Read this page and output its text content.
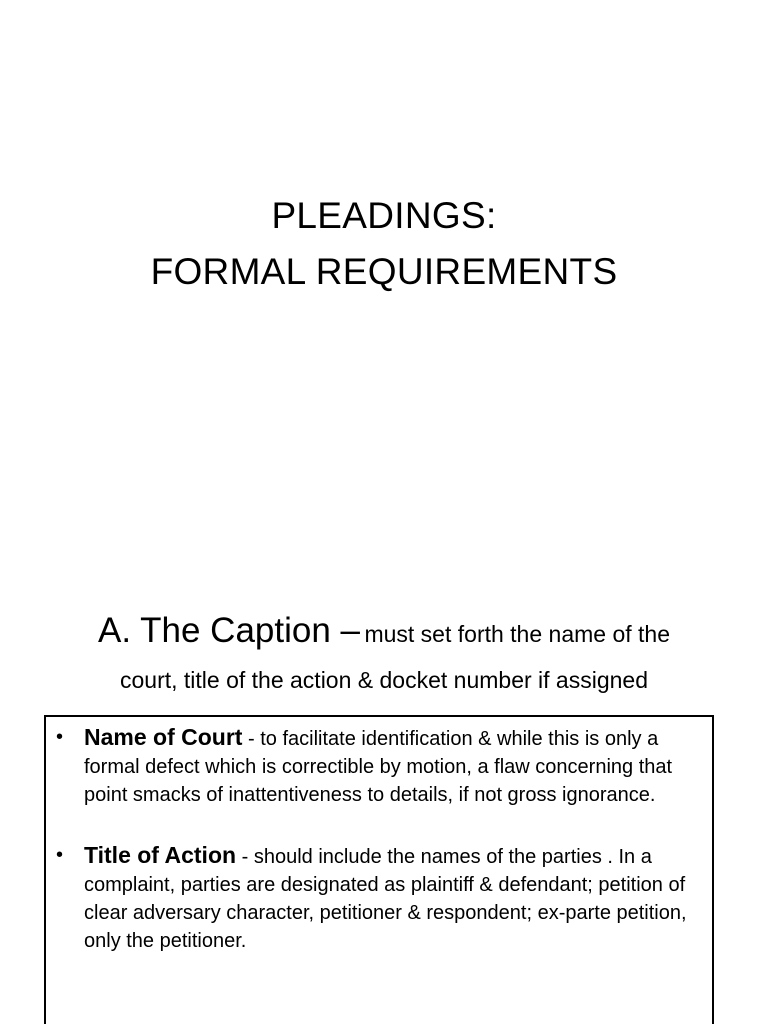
PLEADINGS:
FORMAL REQUIREMENTS
A. The Caption – must set forth the name of the
court, title of the action & docket number if assigned
• Name of Court - to facilitate identification & while this is only a formal defect which is correctible by motion, a flaw concerning that point smacks of inattentiveness to details, if not gross ignorance.
• Title of Action - should include the names of the parties . In a complaint, parties are designated as plaintiff & defendant; petition of clear adversary character, petitioner & respondent; ex-parte petition, only the petitioner.
